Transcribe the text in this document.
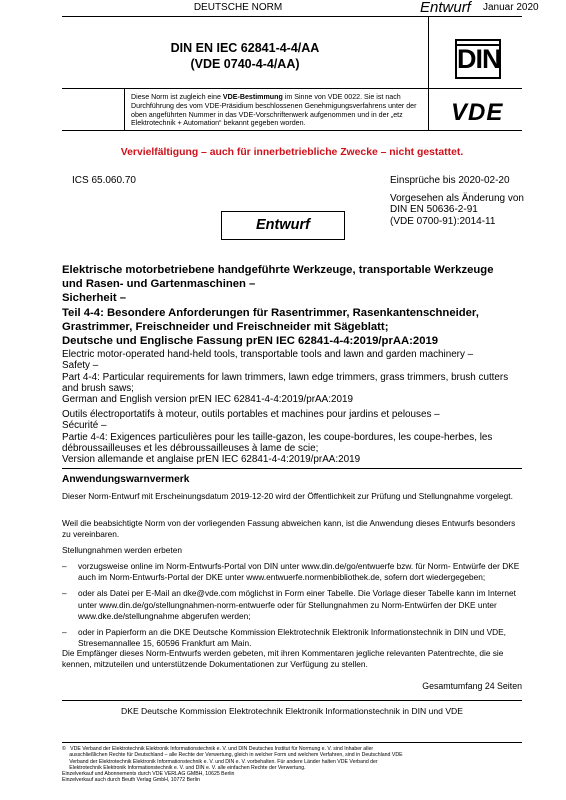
DEUTSCHE NORM	Entwurf Januar 2020
DIN EN IEC 62841-4-4/AA
(VDE 0740-4-4/AA)	DIN
Diese Norm ist zugleich eine VDE-Bestimmung im Sinne von VDE 0022. Sie ist nach Durchführung des vom VDE-Präsidium beschlossenen Genehmigungsverfahrens unter der oben angeführten Nummer in das VDE-Vorschriftenwerk aufgenommen und in der „etz Elektrotechnik + Automation“ bekannt gegeben worden.	VDE
Vervielfältigung – auch für innerbetriebliche Zwecke – nicht gestattet.
ICS 65.060.70	Einsprüche bis 2020-02-20
Vorgesehen als Änderung von
DIN EN 50636-2-91
(VDE 0700-91):2014-11
Entwurf
Elektrische motorbetriebene handgeführte Werkzeuge, transportable Werkzeuge
und Rasen- und Gartenmaschinen –
Sicherheit –
Teil 4-4: Besondere Anforderungen für Rasentrimmer, Rasenkantenschneider,
Grastrimmer, Freischneider und Freischneider mit Sägeblatt;
Deutsche und Englische Fassung prEN IEC 62841-4-4:2019/prAA:2019
Electric motor-operated hand-held tools, transportable tools and lawn and garden machinery –
Safety –
Part 4-4: Particular requirements for lawn trimmers, lawn edge trimmers, grass trimmers, brush cutters
and brush saws;
German and English version prEN IEC 62841-4-4:2019/prAA:2019
Outils électroportatifs à moteur, outils portables et machines pour jardins et pelouses –
Sécurité –
Partie 4-4: Exigences particulières pour les taille-gazon, les coupe-bordures, les coupe-herbes, les
débroussailleuses et les débroussailleuses à lame de scie;
Version allemande et anglaise prEN IEC 62841-4-4:2019/prAA:2019
Anwendungswarnvermerk
Dieser Norm-Entwurf mit Erscheinungsdatum 2019-12-20 wird der Öffentlichkeit zur Prüfung und Stellungnahme vorgelegt.
Weil die beabsichtigte Norm von der vorliegenden Fassung abweichen kann, ist die Anwendung dieses Entwurfs besonders zu vereinbaren.
Stellungnahmen werden erbeten
– vorzugsweise online im Norm-Entwurfs-Portal von DIN unter www.din.de/go/entwuerfe bzw. für Norm- Entwürfe der DKE auch im Norm-Entwurfs-Portal der DKE unter www.entwuerfe.normenbibliothek.de, sofern dort wiedergegeben;
– oder als Datei per E-Mail an dke@vde.com möglichst in Form einer Tabelle. Die Vorlage dieser Tabelle kann im Internet unter www.din.de/go/stellungnahmen-norm-entwuerfe oder für Stellungnahmen zu Norm-Entwürfen der DKE unter www.dke.de/stellungnahme abgerufen werden;
– oder in Papierform an die DKE Deutsche Kommission Elektrotechnik Elektronik Informationstechnik in DIN und VDE, Stresemannallee 15, 60596 Frankfurt am Main.
Die Empfänger dieses Norm-Entwurfs werden gebeten, mit ihren Kommentaren jegliche relevanten Patentrechte, die sie kennen, mitzuteilen und unterstützende Dokumentationen zur Verfügung zu stellen.
Gesamtumfang 24 Seiten
DKE Deutsche Kommission Elektrotechnik Elektronik Informationstechnik in DIN und VDE
©   VDE Verband der Elektrotechnik Elektronik Informationstechnik e. V. und DIN Deutsches Institut für Normung e. V. sind Inhaber aller
ausschließlichen Rechte für Deutschland – alle Rechte der Verwertung, gleich in welcher Form und welchem Verfahren, sind in Deutschland VDE
Verband der Elektrotechnik Elektronik Informationstechnik e. V. und DIN e. V. vorbehalten. Für andere Länder halten VDE Verband der
Elektrotechnik Elektronik Informationstechnik e. V. und DIN e. V. alle einfachen Rechte der Verwertung.
Einzelverkauf und Abonnements durch VDE VERLAG GMBH, 10625 Berlin
Einzelverkauf auch durch Beuth Verlag GmbH, 10772 Berlin
